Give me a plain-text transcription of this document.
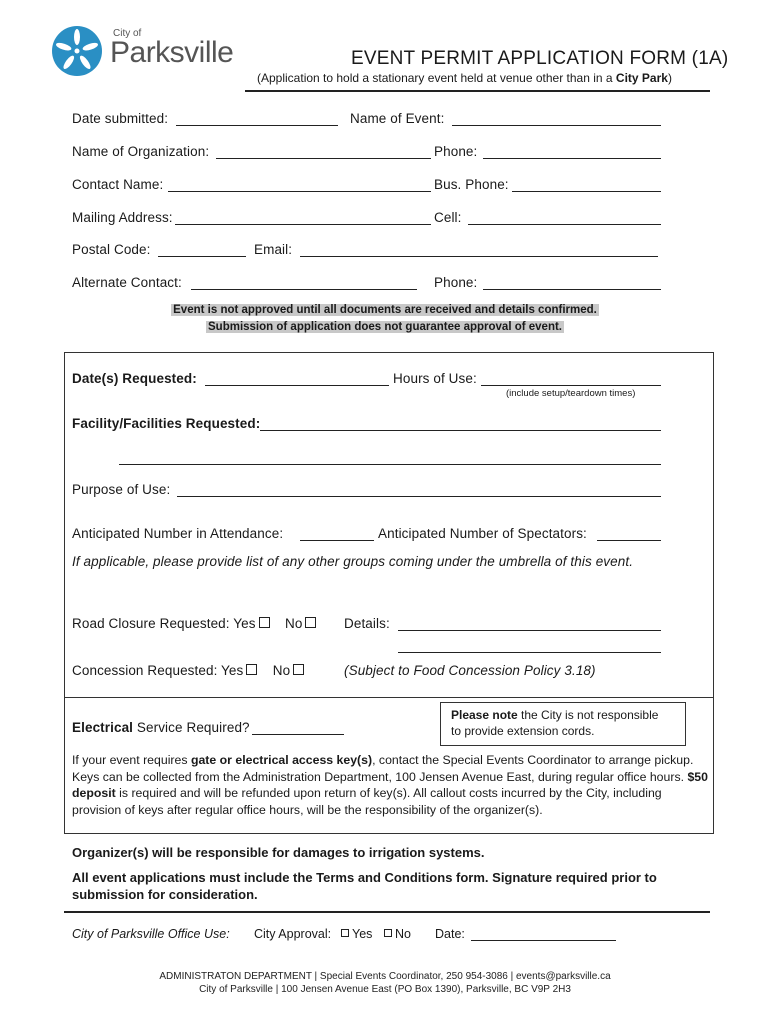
City of
Parksville	EVENT PERMIT APPLICATION FORM (1A)
(Application to hold a stationary event held at venue other than in a City Park)
Date submitted:	Name of Event:
Name of Organization:	Phone:
Contact Name:	Bus. Phone:
Mailing Address:	Cell:
Postal Code:	Email:
Alternate Contact:	Phone:
Event is not approved until all documents are received and details confirmed.
Submission of application does not guarantee approval of event.
Date(s) Requested:	Hours of Use:
(include setup/teardown times)
Facility/Facilities Requested:
Purpose of Use:
Anticipated Number in Attendance:	Anticipated Number of Spectators:
If applicable, please provide list of any other groups coming under the umbrella of this event.
Road Closure Requested: Yes No	Details:
Concession Requested: Yes No	(Subject to Food Concession Policy 3.18)
Electrical Service Required?
Please note the City is not responsible
to provide extension cords.
If your event requires gate or electrical access key(s), contact the Special Events Coordinator to arrange pickup. Keys can be collected from the Administration Department, 100 Jensen Avenue East, during regular office hours. $50 deposit is required and will be refunded upon return of key(s). All callout costs incurred by the City, including provision of keys after regular office hours, will be the responsibility of the organizer(s).
Organizer(s) will be responsible for damages to irrigation systems.
All event applications must include the Terms and Conditions form. Signature required prior to submission for consideration.
City of Parksville Office Use: City Approval:	Yes	No Date:
ADMINISTRATON DEPARTMENT | Special Events Coordinator, 250 954-3086 | events@parksville.ca
City of Parksville | 100 Jensen Avenue East (PO Box 1390), Parksville, BC V9P 2H3
